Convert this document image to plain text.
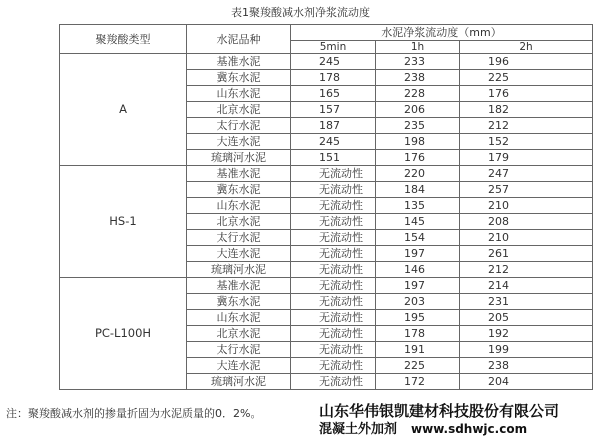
表1聚羧酸减水剂净浆流动度
聚羧酸类型	水泥品种	水泥净浆流动度（mm）		
		5min	1h	2h
A	基准水泥	245	233	196
	冀东水泥	178	238	225
	山东水泥	165	228	176
	北京水泥	157	206	182
	太行水泥	187	235	212
	大连水泥	245	198	152
	琉璃河水泥	151	176	179
HS-1	基准水泥	无流动性	220	247
	冀东水泥	无流动性	184	257
	山东水泥	无流动性	135	210
	北京水泥	无流动性	145	208
	太行水泥	无流动性	154	210
	大连水泥	无流动性	197	261
	琉璃河水泥	无流动性	146	212
PC-L100H	基准水泥	无流动性	197	214
	冀东水泥	无流动性	203	231
	山东水泥	无流动性	195	205
	北京水泥	无流动性	178	192
	太行水泥	无流动性	191	199
	大连水泥	无流动性	225	238
	琉璃河水泥	无流动性	172	204
注：聚羧酸减水剂的掺量折固为水泥质量的0．2%。	山东华伟银凯建材科技股份有限公司
混凝土外加剂 www.sdhwjc.com
